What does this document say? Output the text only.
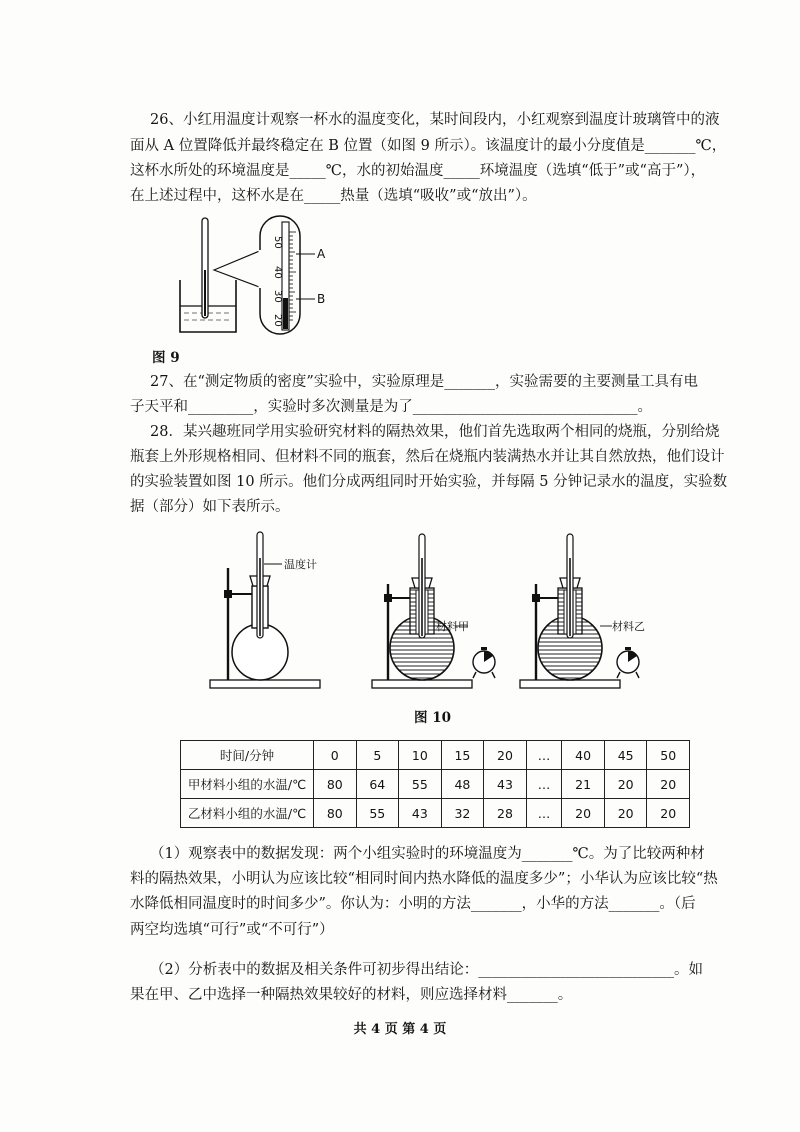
26、小红用温度计观察一杯水的温度变化，某时间段内，小红观察到温度计玻璃管中的液
面从 A 位置降低并最终稳定在 B 位置（如图 9 所示）。该温度计的最小分度值是_______℃，
这杯水所处的环境温度是_____℃，水的初始温度_____环境温度（选填“低于”或“高于”），
在上述过程中，这杯水是在_____热量（选填“吸收”或“放出”）。
50
40
30
20
A
B
图 9
27、在“测定物质的密度”实验中，实验原理是_______，实验需要的主要测量工具有电
子天平和_________，实验时多次测量是为了_______________________________。
28．某兴趣班同学用实验研究材料的隔热效果，他们首先选取两个相同的烧瓶，分别给烧
瓶套上外形规格相同、但材料不同的瓶套，然后在烧瓶内装满热水并让其自然放热，他们设计
的实验装置如图 10 所示。他们分成两组同时开始实验，并每隔 5 分钟记录水的温度，实验数
据（部分）如下表所示。
温度计
材料甲	材料乙
图 10
时间/分钟	0	5	10	15	20	…	40	45	50
甲材料小组的水温/℃	80	64	55	48	43	…	21	20	20
乙材料小组的水温/℃	80	55	43	32	28	…	20	20	20
（1）观察表中的数据发现：两个小组实验时的环境温度为_______℃。为了比较两种材
料的隔热效果，小明认为应该比较“相同时间内热水降低的温度多少”；小华认为应该比较“热
水降低相同温度时的时间多少”。你认为：小明的方法_______，小华的方法_______。（后
两空均选填“可行”或“不可行”）
（2）分析表中的数据及相关条件可初步得出结论：___________________________。如
果在甲、乙中选择一种隔热效果较好的材料，则应选择材料_______。
共 4 页 第 4 页
